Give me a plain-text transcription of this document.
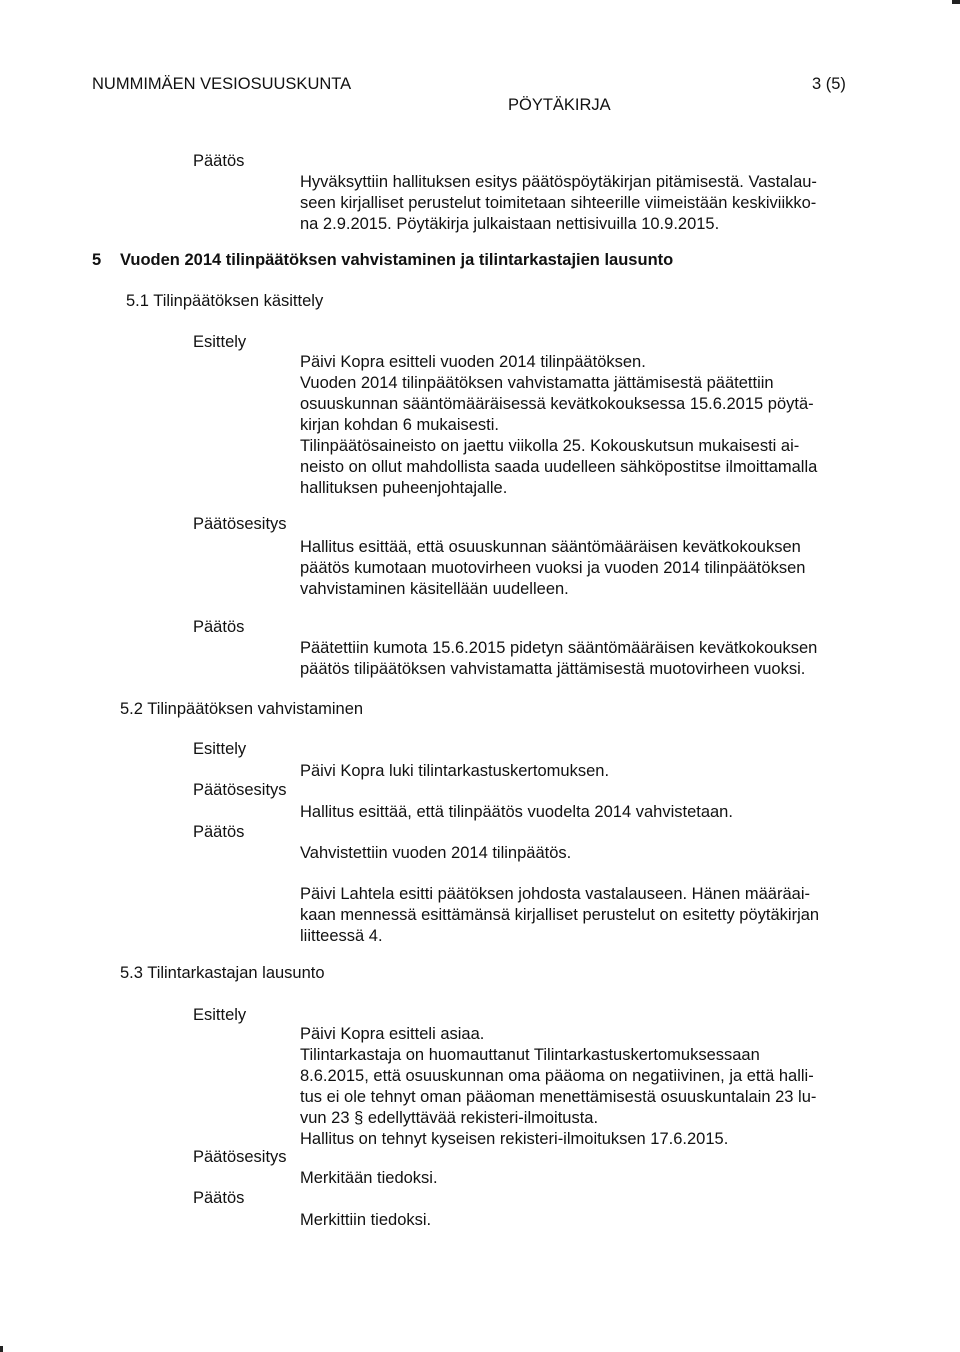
NUMMIMÄEN VESIOSUUSKUNTA
PÖYTÄKIRJA
3 (5)
Päätös
Hyväksyttiin hallituksen esitys päätöspöytäkirjan pitämisestä. Vastalau-
seen kirjalliset perustelut toimitetaan sihteerille viimeistään keskiviikko-
na 2.9.2015. Pöytäkirja julkaistaan nettisivuilla 10.9.2015.
5 Vuoden 2014 tilinpäätöksen vahvistaminen ja tilintarkastajien lausunto
5.1 Tilinpäätöksen käsittely
Esittely
Päivi Kopra esitteli vuoden 2014 tilinpäätöksen.
Vuoden 2014 tilinpäätöksen vahvistamatta jättämisestä päätettiin
osuuskunnan sääntömääräisessä kevätkokouksessa 15.6.2015 pöytä-
kirjan kohdan 6 mukaisesti.
Tilinpäätösaineisto on jaettu viikolla 25. Kokouskutsun mukaisesti ai-
neisto on ollut mahdollista saada uudelleen sähköpostitse ilmoittamalla
hallituksen puheenjohtajalle.
Päätösesitys
Hallitus esittää, että osuuskunnan sääntömääräisen kevätkokouksen
päätös kumotaan muotovirheen vuoksi ja vuoden 2014 tilinpäätöksen
vahvistaminen käsitellään uudelleen.
Päätös
Päätettiin kumota 15.6.2015 pidetyn sääntömääräisen kevätkokouksen
päätös tilipäätöksen vahvistamatta jättämisestä muotovirheen vuoksi.
5.2 Tilinpäätöksen vahvistaminen
Esittely
Päivi Kopra luki tilintarkastuskertomuksen.
Päätösesitys
Hallitus esittää, että tilinpäätös vuodelta 2014 vahvistetaan.
Päätös
Vahvistettiin vuoden 2014 tilinpäätös.
Päivi Lahtela esitti päätöksen johdosta vastalauseen. Hänen määräai-
kaan mennessä esittämänsä kirjalliset perustelut on esitetty pöytäkirjan
liitteessä 4.
5.3 Tilintarkastajan lausunto
Esittely
Päivi Kopra esitteli asiaa.
Tilintarkastaja on huomauttanut Tilintarkastuskertomuksessaan
8.6.2015, että osuuskunnan oma pääoma on negatiivinen, ja että halli-
tus ei ole tehnyt oman pääoman menettämisestä osuuskuntalain 23 lu-
vun 23 § edellyttävää rekisteri-ilmoitusta.
Hallitus on tehnyt kyseisen rekisteri-ilmoituksen 17.6.2015.
Päätösesitys
Merkitään tiedoksi.
Päätös
Merkittiin tiedoksi.
